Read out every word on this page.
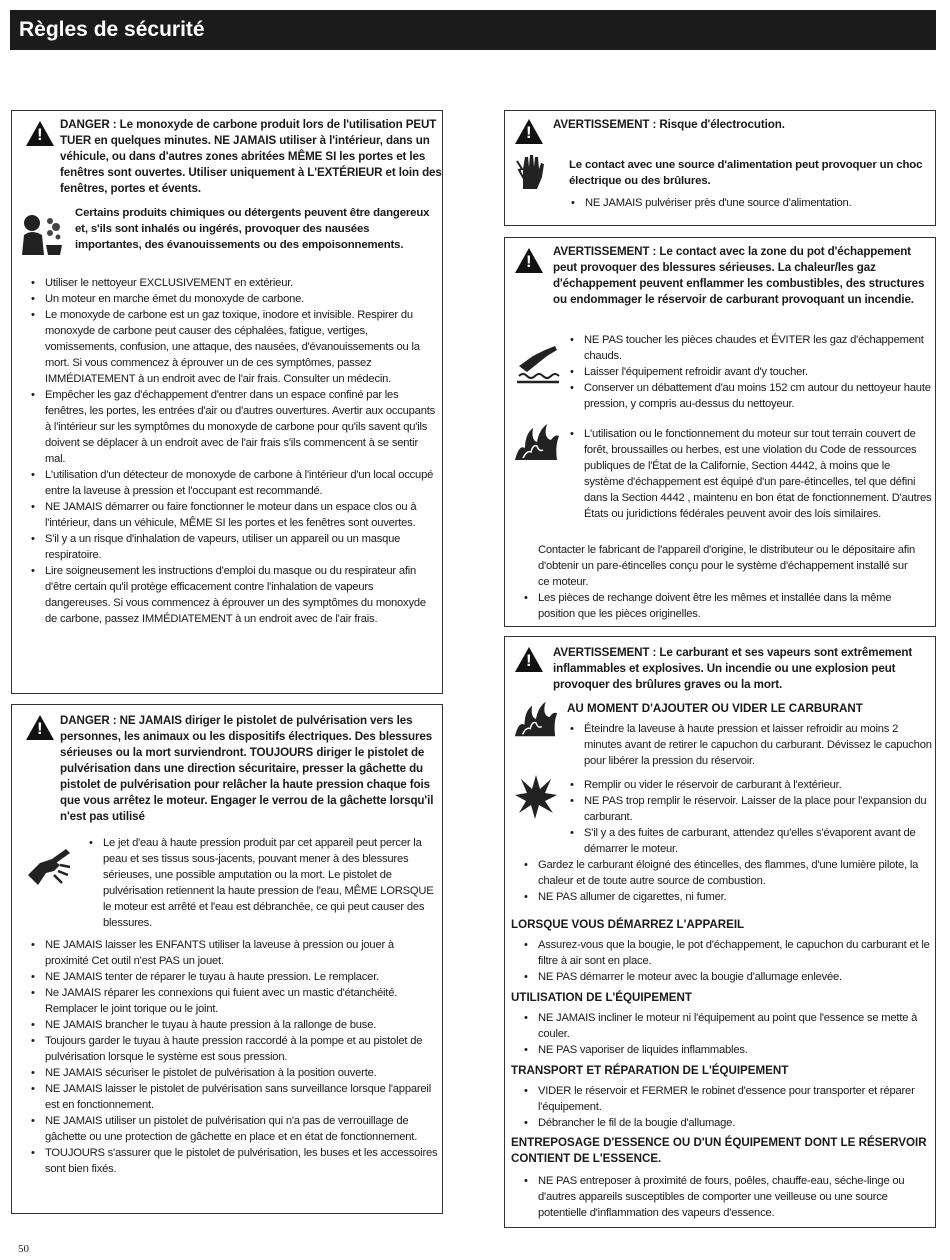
Règles de sécurité
!
DANGER : Le monoxyde de carbone produit lors de l'utilisation PEUT TUER en quelques minutes. NE JAMAIS utiliser à l'intérieur, dans un véhicule, ou dans d'autres zones abritées MÊME SI les portes et les fenêtres sont ouvertes. Utiliser uniquement à L'EXTÉRIEUR et loin des fenêtres, portes et évents.
Certains produits chimiques ou détergents peuvent être dangereux et, s'ils sont inhalés ou ingérés, provoquer des nausées importantes, des évanouissements ou des empoisonnements.
• Utiliser le nettoyeur EXCLUSIVEMENT en extérieur.
• Un moteur en marche émet du monoxyde de carbone.
• Le monoxyde de carbone est un gaz toxique, inodore et invisible. Respirer du monoxyde de carbone peut causer des céphalées, fatigue, vertiges, vomissements, confusion, une attaque, des nausées, d'évanouissements ou la mort. Si vous commencez à éprouver un de ces symptômes, passez IMMÉDIATEMENT à un endroit avec de l'air frais. Consulter un médecin.
• Empêcher les gaz d'échappement d'entrer dans un espace confiné par les fenêtres, les portes, les entrées d'air ou d'autres ouvertures. Avertir aux occupants à l'intérieur sur les symptômes du monoxyde de carbone pour qu'ils savent qu'ils doivent se déplacer à un endroit avec de l'air frais s'ils commencent à se sentir mal.
• L'utilisation d'un détecteur de monoxyde de carbone à l'intérieur d'un local occupé entre la laveuse à pression et l'occupant est recommandé.
• NE JAMAIS démarrer ou faire fonctionner le moteur dans un espace clos ou à l'intérieur, dans un véhicule, MÊME SI les portes et les fenêtres sont ouvertes.
• S'il y a un risque d'inhalation de vapeurs, utiliser un appareil ou un masque respiratoire.
• Lire soigneusement les instructions d'emploi du masque ou du respirateur afin d'être certain qu'il protège efficacement contre l'inhalation de vapeurs dangereuses. Si vous commencez à éprouver un des symptômes du monoxyde de carbone, passez IMMÉDIATEMENT à un endroit avec de l'air frais.
!
DANGER : NE JAMAIS diriger le pistolet de pulvérisation vers les personnes, les animaux ou les dispositifs électriques. Des blessures sérieuses ou la mort surviendront. TOUJOURS diriger le pistolet de pulvérisation dans une direction sécuritaire, presser la gâchette du pistolet de pulvérisation pour relâcher la haute pression chaque fois que vous arrêtez le moteur. Engager le verrou de la gâchette lorsqu'il n'est pas utilisé
• Le jet d'eau à haute pression produit par cet appareil peut percer la peau et ses tissus sous-jacents, pouvant mener à des blessures sérieuses, une possible amputation ou la mort. Le pistolet de pulvérisation retiennent la haute pression de l'eau, MÊME LORSQUE le moteur est arrêté et l'eau est débranchée, ce qui peut causer des blessures.
• NE JAMAIS laisser les ENFANTS utiliser la laveuse à pression ou jouer à proximité Cet outil n'est PAS un jouet.
• NE JAMAIS tenter de réparer le tuyau à haute pression. Le remplacer.
• Ne JAMAIS réparer les connexions qui fuient avec un mastic d'étanchéité. Remplacer le joint torique ou le joint.
• NE JAMAIS brancher le tuyau à haute pression à la rallonge de buse.
• Toujours garder le tuyau à haute pression raccordé à la pompe et au pistolet de pulvérisation lorsque le système est sous pression.
• NE JAMAIS sécuriser le pistolet de pulvérisation à la position ouverte.
• NE JAMAIS laisser le pistolet de pulvérisation sans surveillance lorsque l'appareil est en fonctionnement.
• NE JAMAIS utiliser un pistolet de pulvérisation qui n'a pas de verrouillage de gâchette ou une protection de gâchette en place et en état de fonctionnement.
• TOUJOURS s'assurer que le pistolet de pulvérisation, les buses et les accessoires sont bien fixés.
!
AVERTISSEMENT : Risque d'électrocution.
Le contact avec une source d'alimentation peut provoquer un choc électrique ou des brûlures.
• NE JAMAIS pulvériser près d'une source d'alimentation.
!
AVERTISSEMENT : Le contact avec la zone du pot d'échappement peut provoquer des blessures sérieuses. La chaleur/les gaz d'échappement peuvent enflammer les combustibles, des structures ou endommager le réservoir de carburant provoquant un incendie.
• NE PAS toucher les pièces chaudes et ÉVITER les gaz d'échappement chauds.
• Laisser l'équipement refroidir avant d'y toucher.
• Conserver un débattement d'au moins 152 cm autour du nettoyeur haute pression, y compris au-dessus du nettoyeur.
• L'utilisation ou le fonctionnement du moteur sur tout terrain couvert de forêt, broussailles ou herbes, est une violation du Code de ressources publiques de l'État de la Californie, Section 4442, à moins que le système d'échappement est équipé d'un pare-étincelles, tel que défini dans la Section 4442 , maintenu en bon état de fonctionnement. D'autres États ou juridictions fédérales peuvent avoir des lois similaires.
Contacter le fabricant de l'appareil d'origine, le distributeur ou le dépositaire afin d'obtenir un pare-étincelles conçu pour le système d'échappement installé sur ce moteur.
• Les pièces de rechange doivent être les mêmes et installée dans la même position que les pièces originelles.
!
AVERTISSEMENT : Le carburant et ses vapeurs sont extrêmement inflammables et explosives. Un incendie ou une explosion peut provoquer des brûlures graves ou la mort.
AU MOMENT D'AJOUTER OU VIDER LE CARBURANT
• Éteindre la laveuse à haute pression et laisser refroidir au moins 2 minutes avant de retirer le capuchon du carburant. Dévissez le capuchon pour libérer la pression du réservoir.
• Remplir ou vider le réservoir de carburant à l'extérieur.
• NE PAS trop remplir le réservoir. Laisser de la place pour l'expansion du carburant.
• S'il y a des fuites de carburant, attendez qu'elles s'évaporent avant de démarrer le moteur.
• Gardez le carburant éloigné des étincelles, des flammes, d'une lumière pilote, la chaleur et de toute autre source de combustion.
• NE PAS allumer de cigarettes, ni fumer.
LORSQUE VOUS DÉMARREZ L'APPAREIL
• Assurez-vous que la bougie, le pot d'échappement, le capuchon du carburant et le filtre à air sont en place.
• NE PAS démarrer le moteur avec la bougie d'allumage enlevée.
UTILISATION DE L'ÉQUIPEMENT
• NE JAMAIS incliner le moteur ni l'équipement au point que l'essence se mette à couler.
• NE PAS vaporiser de liquides inflammables.
TRANSPORT ET RÉPARATION DE L'ÉQUIPEMENT
• VIDER le réservoir et FERMER le robinet d'essence pour transporter et réparer l'équipement.
• Débrancher le fil de la bougie d'allumage.
ENTREPOSAGE D'ESSENCE OU D'UN ÉQUIPEMENT DONT LE RÉSERVOIR CONTIENT DE L'ESSENCE.
• NE PAS entreposer à proximité de fours, poêles, chauffe-eau, séche-linge ou d'autres appareils susceptibles de comporter une veilleuse ou une source potentielle d'inflammation des vapeurs d'essence.
50
